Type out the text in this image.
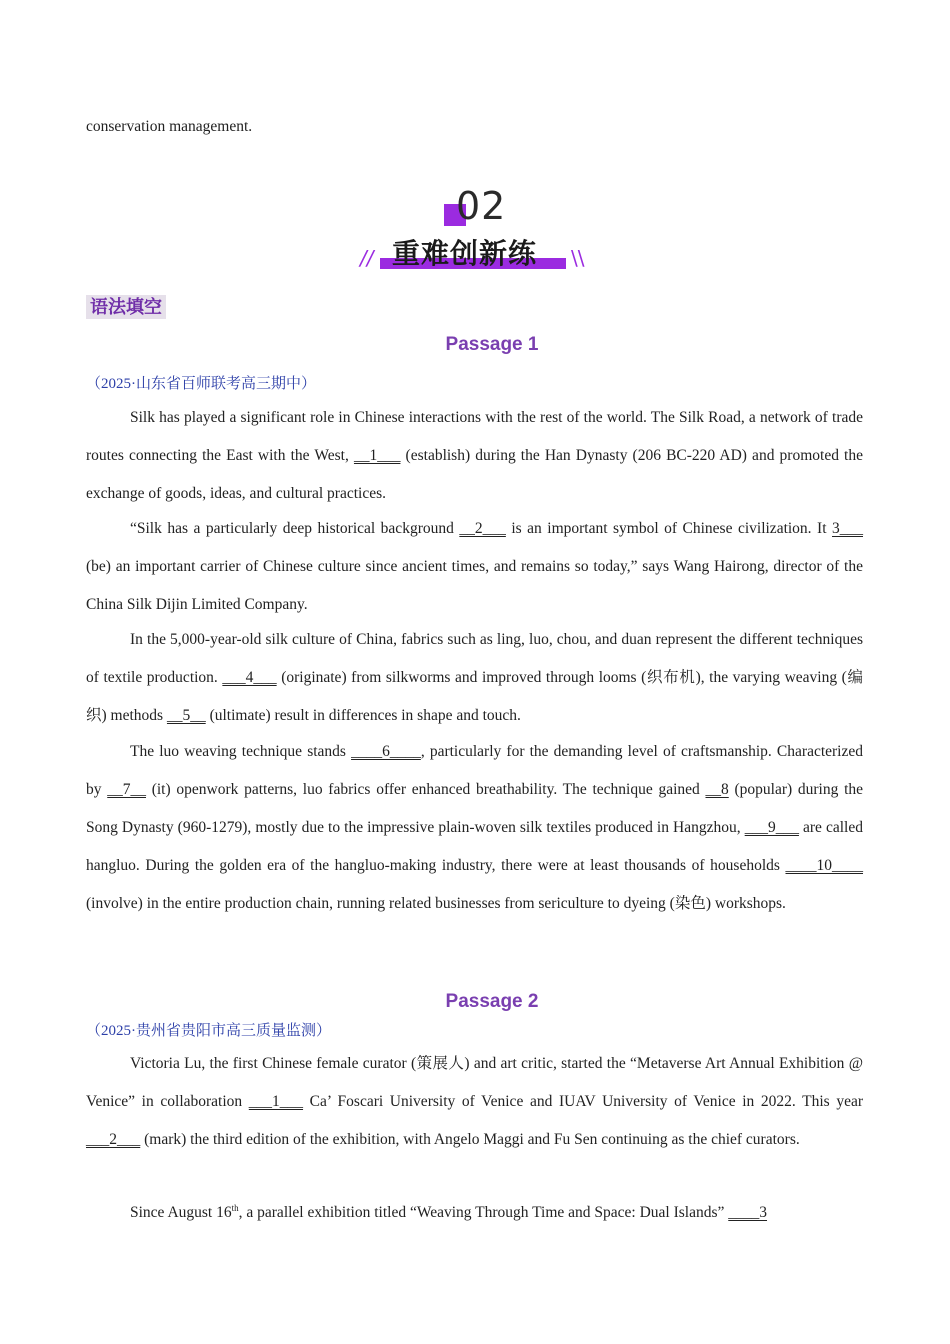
conservation management.
02
// 重难创新练 \\
语法填空
Passage 1
（2025·山东省百师联考高三期中）
Silk has played a significant role in Chinese interactions with the rest of the world. The Silk Road, a network of trade routes connecting the East with the West, __1___ (establish) during the Han Dynasty (206 BC-220 AD) and promoted the exchange of goods, ideas, and cultural practices.
“Silk has a particularly deep historical background __2___ is an important symbol of Chinese civilization. It 3___ (be) an important carrier of Chinese culture since ancient times, and remains so today,” says Wang Hairong, director of the China Silk Dijin Limited Company.
In the 5,000-year-old silk culture of China, fabrics such as ling, luo, chou, and duan represent the different techniques of textile production. ___4___ (originate) from silkworms and improved through looms (织布机), the varying weaving (编织) methods __5__ (ultimate) result in differences in shape and touch.
The luo weaving technique stands ____6____, particularly for the demanding level of craftsmanship. Characterized by __7__ (it) openwork patterns, luo fabrics offer enhanced breathability. The technique gained __8 (popular) during the Song Dynasty (960-1279), mostly due to the impressive plain-woven silk textiles produced in Hangzhou, ___9___ are called hangluo. During the golden era of the hangluo-making industry, there were at least thousands of households ____10____ (involve) in the entire production chain, running related businesses from sericulture to dyeing (染色) workshops.
Passage 2
（2025·贵州省贵阳市高三质量监测）
Victoria Lu, the first Chinese female curator (策展人) and art critic, started the “Metaverse Art Annual Exhibition @ Venice” in collaboration ___1___ Ca’ Foscari University of Venice and IUAV University of Venice in 2022. This year ___2___ (mark) the third edition of the exhibition, with Angelo Maggi and Fu Sen continuing as the chief curators.
Since August 16th, a parallel exhibition titled “Weaving Through Time and Space: Dual Islands” ____3
